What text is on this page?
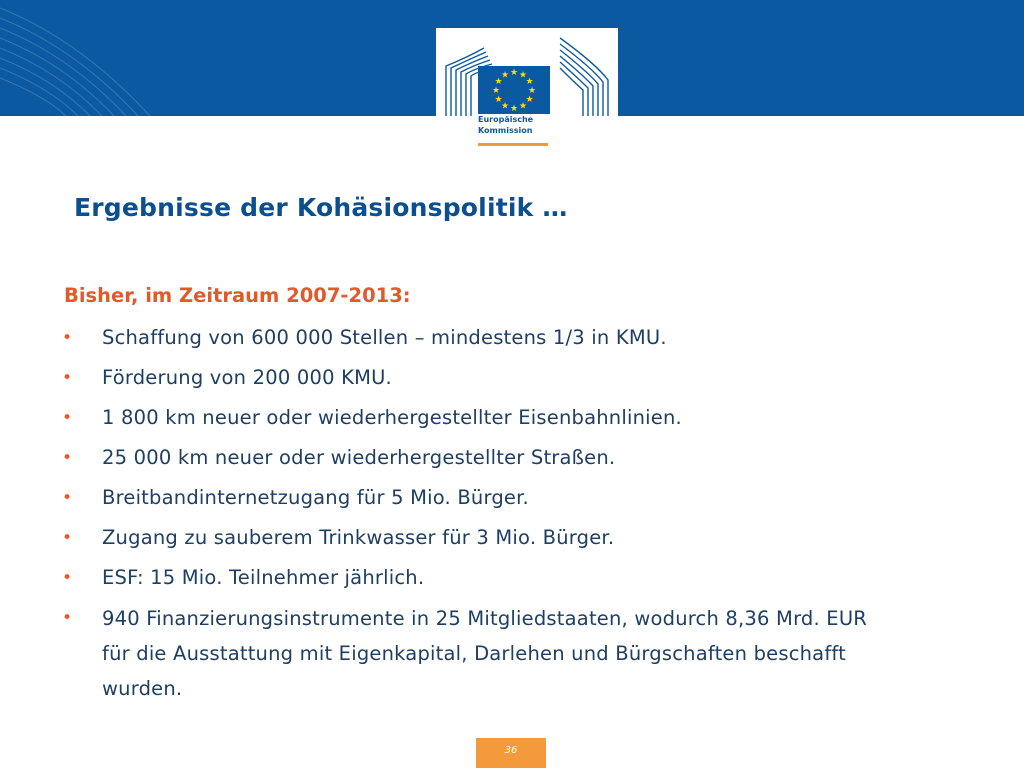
★ ★
★
★
★
★
★
★
★
★
★
★
Europäische
Kommission
Ergebnisse der Kohäsionspolitik …

Bisher, im Zeitraum 2007-2013:

• Schaffung von 600 000 Stellen – mindestens 1/3 in KMU.
• Förderung von 200 000 KMU.
• 1 800 km neuer oder wiederhergestellter Eisenbahnlinien.
• 25 000 km neuer oder wiederhergestellter Straßen.
• Breitbandinternetzugang für 5 Mio. Bürger.
• Zugang zu sauberem Trinkwasser für 3 Mio. Bürger.
• ESF: 15 Mio. Teilnehmer jährlich.
• 940 Finanzierungsinstrumente in 25 Mitgliedstaaten, wodurch 8,36 Mrd. EUR für die Ausstattung mit Eigenkapital, Darlehen und Bürgschaften beschafft wurden.
36
